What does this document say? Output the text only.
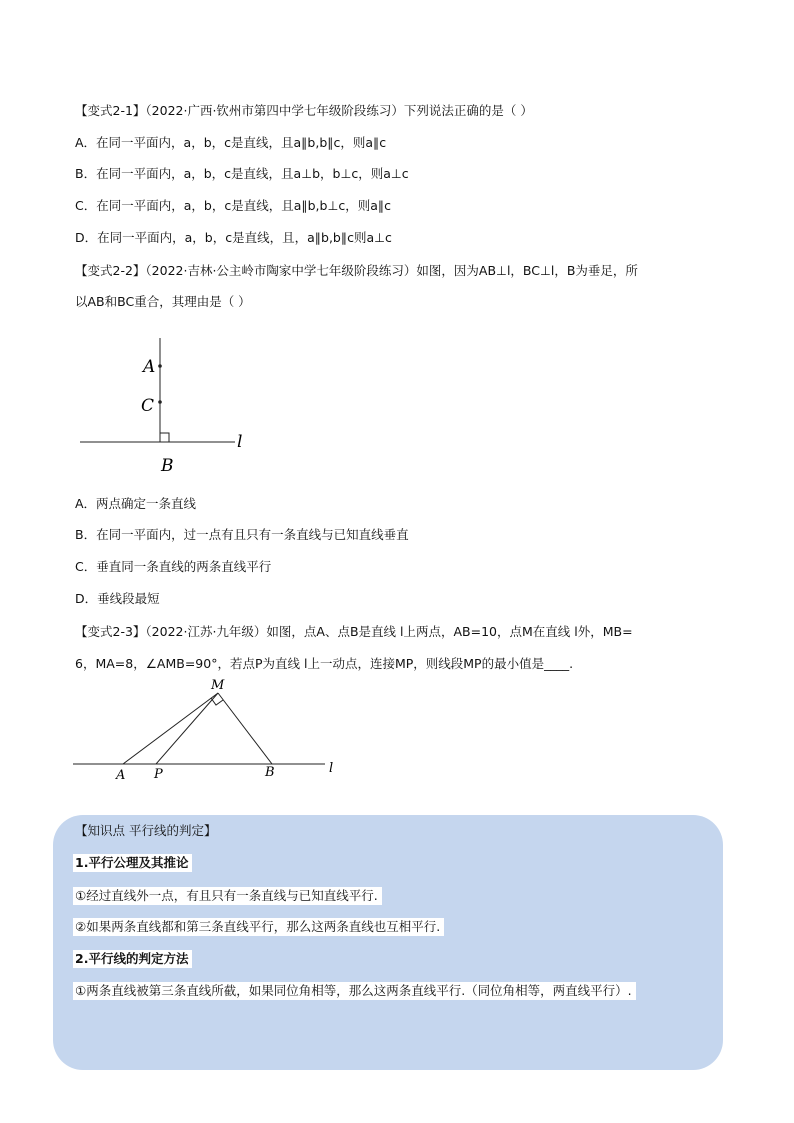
【变式2-1】（2022·广西·钦州市第四中学七年级阶段练习）下列说法正确的是（ ）
A．在同一平面内，a，b，c是直线，且a∥b,b∥c，则a∥c
B．在同一平面内，a，b，c是直线，且a⊥b，b⊥c，则a⊥c
C．在同一平面内，a，b，c是直线，且a∥b,b⊥c，则a∥c
D．在同一平面内，a，b，c是直线，且，a∥b,b∥c则a⊥c
【变式2-2】（2022·吉林·公主岭市陶家中学七年级阶段练习）如图，因为AB⊥l，BC⊥l，B为垂足，所
以AB和BC重合，其理由是（ ）
A
C
B
l
A．两点确定一条直线
B．在同一平面内，过一点有且只有一条直线与已知直线垂直
C．垂直同一条直线的两条直线平行
D．垂线段最短
【变式2-3】（2022·江苏·九年级）如图，点A、点B是直线 l上两点，AB=10，点M在直线 l外，MB=
6，MA=8，∠AMB=90°，若点P为直线 l上一动点，连接MP，则线段MP的最小值是____.
M
A P	B	l
【知识点 平行线的判定】
1.平行公理及其推论
①经过直线外一点，有且只有一条直线与已知直线平行.
②如果两条直线都和第三条直线平行，那么这两条直线也互相平行.
2.平行线的判定方法
①两条直线被第三条直线所截，如果同位角相等，那么这两条直线平行.（同位角相等，两直线平行）.
